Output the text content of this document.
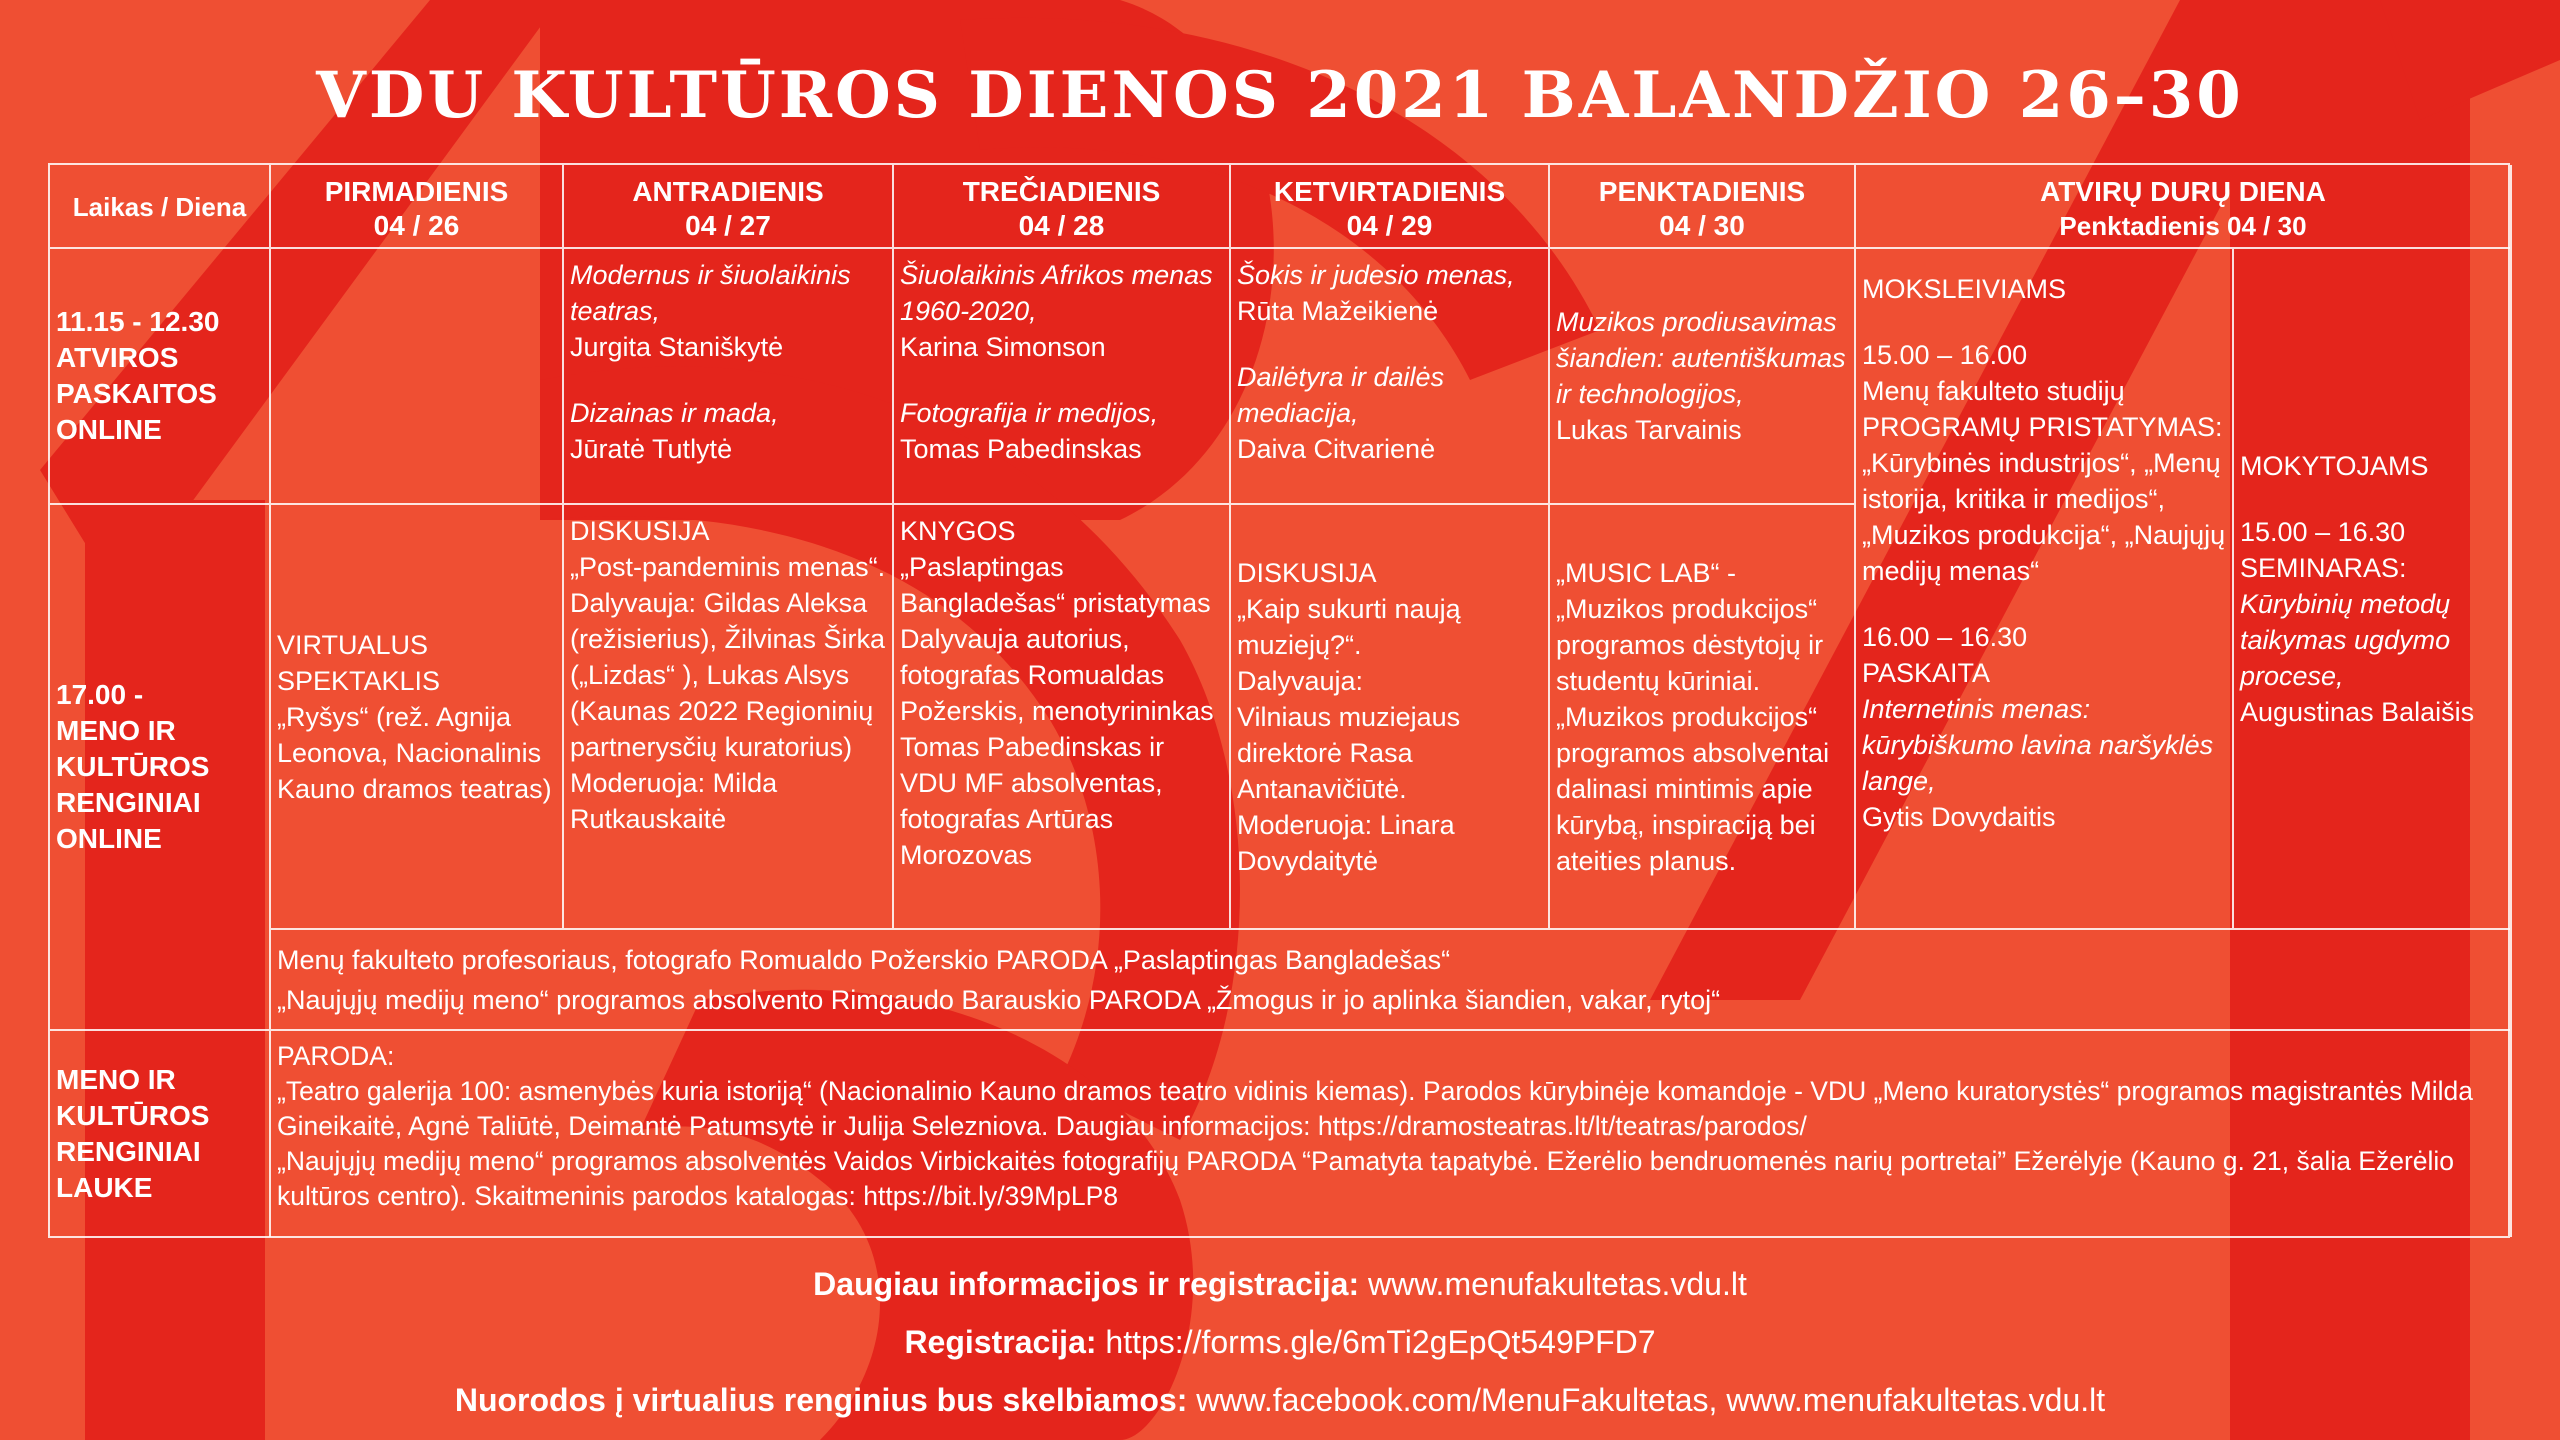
VDU KULTŪROS DIENOS 2021 BALANDŽIO 26–30
Laikas / Diena	PIRMADIENIS
04 / 26
ANTRADIENIS
04 / 27
TREČIADIENIS
04 / 28
KETVIRTADIENIS
04 / 29
PENKTADIENIS
04 / 30
ATVIRŲ DURŲ DIENA
Penktadienis 04 / 30
11.15 - 12.30
ATVIROS PASKAITOS ONLINE
Modernus ir šiuolaikinis teatras,
Jurgita Staniškytė
Dizainas ir mada,
Jūratė Tutlytė
Šiuolaikinis Afrikos menas 1960-2020,
Karina Simonson
Fotografija ir medijos,
Tomas Pabedinskas
Šokis ir judesio menas,
Rūta Mažeikienė
Dailėtyra ir dailės mediacija,
Daiva Citvarienė
Muzikos prodiusavimas šiandien: autentiškumas ir technologijos,
Lukas Tarvainis
MOKSLEIVIAMS
15.00 – 16.00
Menų fakulteto studijų PROGRAMŲ PRISTATYMAS: „Kūrybinės industrijos“, „Menų istorija, kritika ir medijos“, „Muzikos produkcija“, „Naujųjų medijų menas“
16.00 – 16.30
PASKAITA
Internetinis menas: kūrybiškumo lavina naršyklės lange,
Gytis Dovydaitis
MOKYTOJAMS
15.00 – 16.30
SEMINARAS:
Kūrybinių metodų taikymas ugdymo procese,
Augustinas Balaišis
17.00 -
MENO IR KULTŪROS RENGINIAI ONLINE
VIRTUALUS SPEKTAKLIS
„Ryšys“ (rež. Agnija Leonova, Nacionalinis Kauno dramos teatras)
DISKUSIJA
„Post-pandeminis menas“.
Dalyvauja: Gildas Aleksa (režisierius), Žilvinas Širka („Lizdas“ ), Lukas Alsys (Kaunas 2022 Regioninių partnerysčių kuratorius)
Moderuoja: Milda Rutkauskaitė
KNYGOS
„Paslaptingas Bangladešas“ pristatymas
Dalyvauja autorius, fotografas Romualdas Požerskis, menotyrininkas Tomas Pabedinskas ir VDU MF absolventas, fotografas Artūras Morozovas
DISKUSIJA
„Kaip sukurti naują muziejų?“.
Dalyvauja:
Vilniaus muziejaus direktorė Rasa Antanavičiūtė.
Moderuoja: Linara Dovydaitytė
„MUSIC LAB“ -
„Muzikos produkcijos“ programos dėstytojų ir studentų kūriniai.
„Muzikos produkcijos“ programos absolventai dalinasi mintimis apie kūrybą, inspiraciją bei ateities planus.
Menų fakulteto profesoriaus, fotografo Romualdo Požerskio PARODA „Paslaptingas Bangladešas“
„Naujųjų medijų meno“ programos absolvento Rimgaudo Barauskio PARODA „Žmogus ir jo aplinka šiandien, vakar, rytoj“
MENO IR KULTŪROS RENGINIAI LAUKE
PARODA:
„Teatro galerija 100: asmenybės kuria istoriją“ (Nacionalinio Kauno dramos teatro vidinis kiemas). Parodos kūrybinėje komandoje - VDU „Meno kuratorystės“ programos magistrantės Milda Gineikaitė, Agnė Taliūtė, Deimantė Patumsytė ir Julija Selezniova. Daugiau informacijos: https://dramosteatras.lt/lt/teatras/parodos/
„Naujųjų medijų meno“ programos absolventės Vaidos Virbickaitės fotografijų PARODA “Pamatyta tapatybė. Ežerėlio bendruomenės narių portretai” Ežerėlyje (Kauno g. 21, šalia Ežerėlio kultūros centro). Skaitmeninis parodos katalogas: https://bit.ly/39MpLP8
Daugiau informacijos ir registracija: www.menufakultetas.vdu.lt
Registracija: https://forms.gle/6mTi2gEpQt549PFD7
Nuorodos į virtualius renginius bus skelbiamos: www.facebook.com/MenuFakultetas, www.menufakultetas.vdu.lt
